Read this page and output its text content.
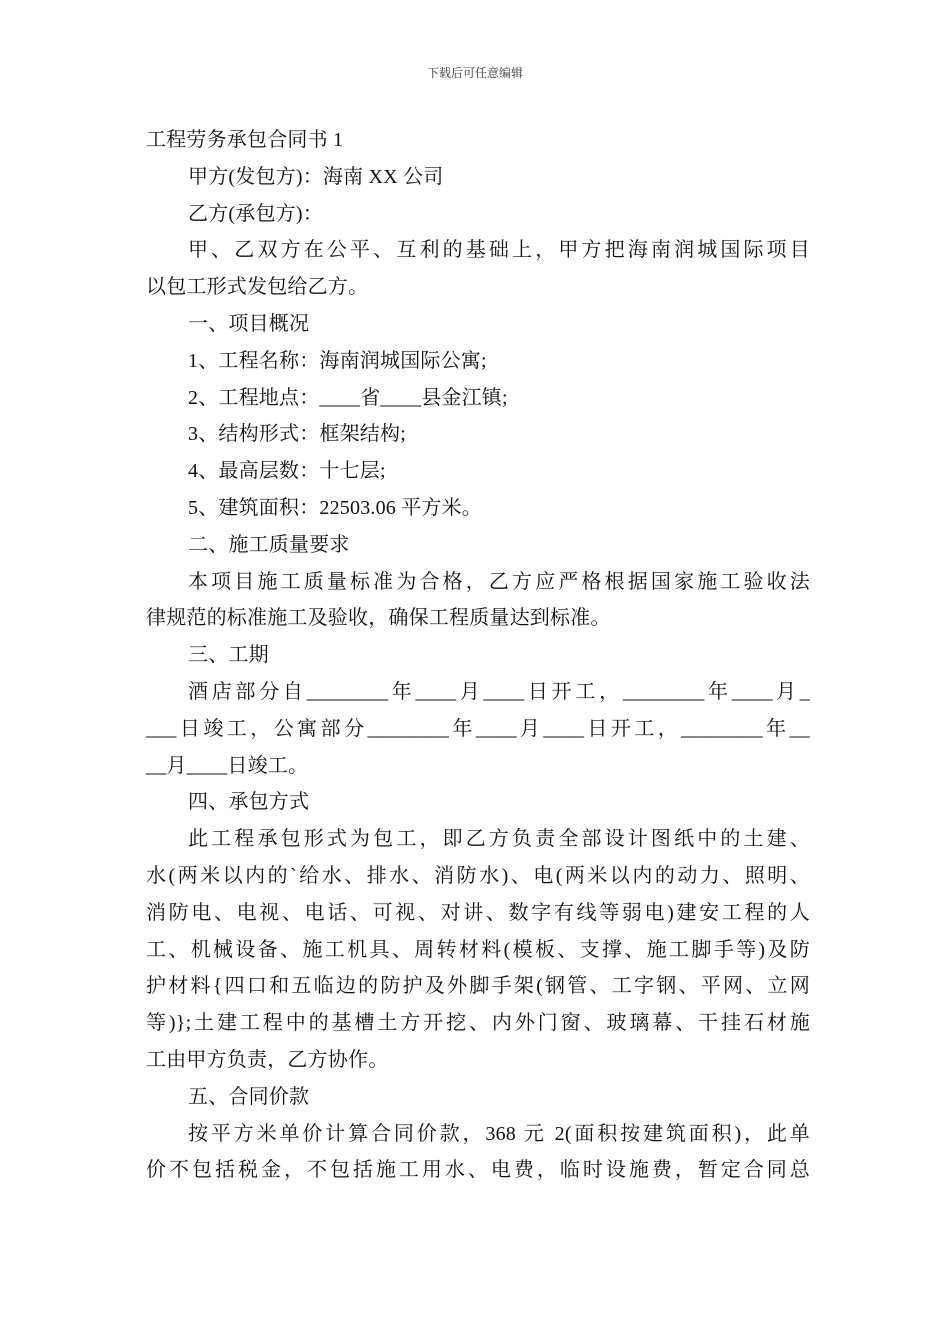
下载后可任意编辑

工程劳务承包合同书 1

甲方(发包方)：海南 XX 公司

乙方(承包方)：

甲、乙双方在公平、互利的基础上，甲方把海南润城国际项目

以包工形式发包给乙方。

一、项目概况

1、工程名称：海南润城国际公寓;

2、工程地点：____省____县金江镇;

3、结构形式：框架结构;

4、最高层数：十七层;

5、建筑面积：22503.06 平方米。

二、施工质量要求

本项目施工质量标准为合格，乙方应严格根据国家施工验收法

律规范的标准施工及验收，确保工程质量达到标准。

三、工期

酒店部分自________年____月____日开工，________年____月_

___日竣工，公寓部分________年____月____日开工，________年__

__月____日竣工。

四、承包方式

此工程承包形式为包工，即乙方负责全部设计图纸中的土建、

水(两米以内的`给水、排水、消防水)、电(两米以内的动力、照明、

消防电、电视、电话、可视、对讲、数字有线等弱电)建安工程的人

工、机械设备、施工机具、周转材料(模板、支撑、施工脚手等)及防

护材料{四口和五临边的防护及外脚手架(钢管、工字钢、平网、立网

等)};土建工程中的基槽土方开挖、内外门窗、玻璃幕、干挂石材施

工由甲方负责，乙方协作。

五、合同价款

按平方米单价计算合同价款，368 元 2(面积按建筑面积)，此单

价不包括税金，不包括施工用水、电费，临时设施费，暂定合同总
